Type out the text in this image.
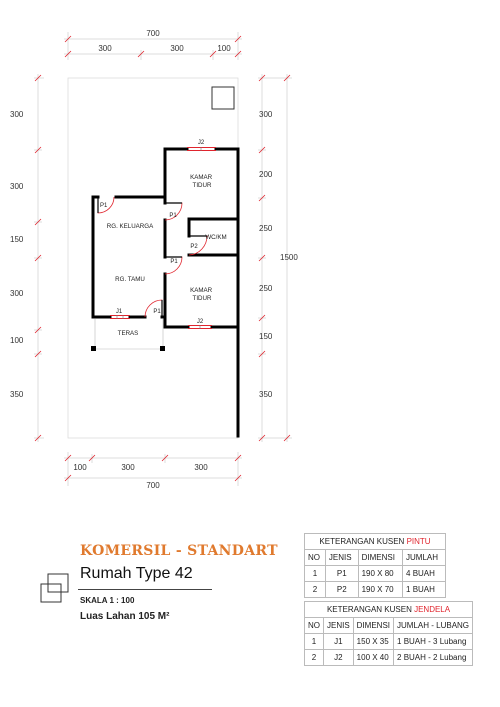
700
300	300	100
300
300
150
300
100
350
300
200
250
250
150
350
1500
100	300	300
700
KAMAR TIDUR
RG. KELUARGA
WC/KM
RG. TAMU
KAMAR TIDUR
TERAS
J2
J2
J1
P1
P1
P2
P1
P1
KOMERSIL - STANDART
Rumah Type 42
SKALA 1 : 100
Luas Lahan 105 M²
KETERANGAN KUSEN PINTU			
NO	JENIS	DIMENSI	JUMLAH
1	P1	190 X 80	4 BUAH
2	P2	190 X 70	1 BUAH
KETERANGAN KUSEN JENDELA			
NO	JENIS	DIMENSI	JUMLAH - LUBANG
1	J1	150 X 35	1 BUAH - 3 Lubang
2	J2	100 X 40	2 BUAH - 2 Lubang
